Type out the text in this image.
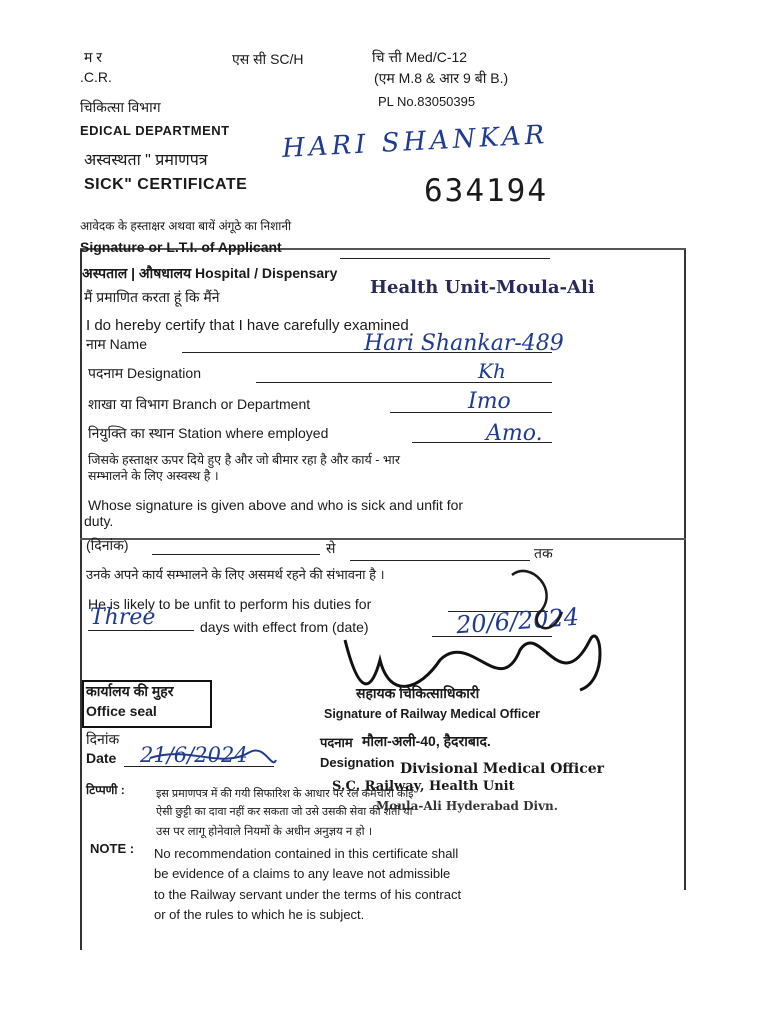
म र
.C.R.
एस सी SC/H	चि त्ती Med/C-12
(एम M.8 & आर 9 बी B.)
PL No.83050395
चिकित्सा विभाग
EDICAL DEPARTMENT HARI SHANKAR
अस्वस्थता " प्रमाणपत्र
SICK" CERTIFICATE	634194
आवेदक के हस्ताक्षर अथवा बायें अंगूठे का निशानी
Signature or L.T.I. of Applicant
अस्पताल | औषधालय Hospital / Dispensary
Health Unit-Moula-Ali
मैं प्रमाणित करता हूं कि मैंने
I do hereby certify that I have carefully examined
नाम Name	Hari Shankar-489
पदनाम Designation	Kh
शाखा या विभाग Branch or Department	Imo
नियुक्ति का स्थान Station where employed	Amo.
जिसके हस्ताक्षर ऊपर दिये हुए है और जो बीमार रहा है और कार्य - भार
सम्भालने के लिए अस्वस्थ है ।
Whose signature is given above and who is sick and unfit for
duty.
(दिनांक)	से	तक
उनके अपने कार्य सम्भालने के लिए असमर्थ रहने की संभावना है ।
He is likely to be unfit to perform his duties for
Three	days with effect from (date)	20/6/2024
कार्यालय की मुहर
Office seal
दिनांक
Date 21/6/2024
सहायक चिकित्साधिकारी
Signature of Railway Medical Officer
पदनाम मौला-अली-40, हैदराबाद.
Designation Divisional Medical Officer
S.C. Railway, Health Unit
Moula-Ali Hyderabad Divn.
टिप्पणी :	इस प्रमाणपत्र में की गयी सिफारिश के आधार पर रेल कर्मचारी कोई
ऐसी छुट्टी का दावा नहीं कर सकता जो उसे उसकी सेवा की शर्तों या
उस पर लागू होनेवाले नियमों के अधीन अनुज्ञय न हो ।
NOTE : No recommendation contained in this certificate shall
be evidence of a claims to any leave not admissible
to the Railway servant under the terms of his contract
or of the rules to which he is subject.
